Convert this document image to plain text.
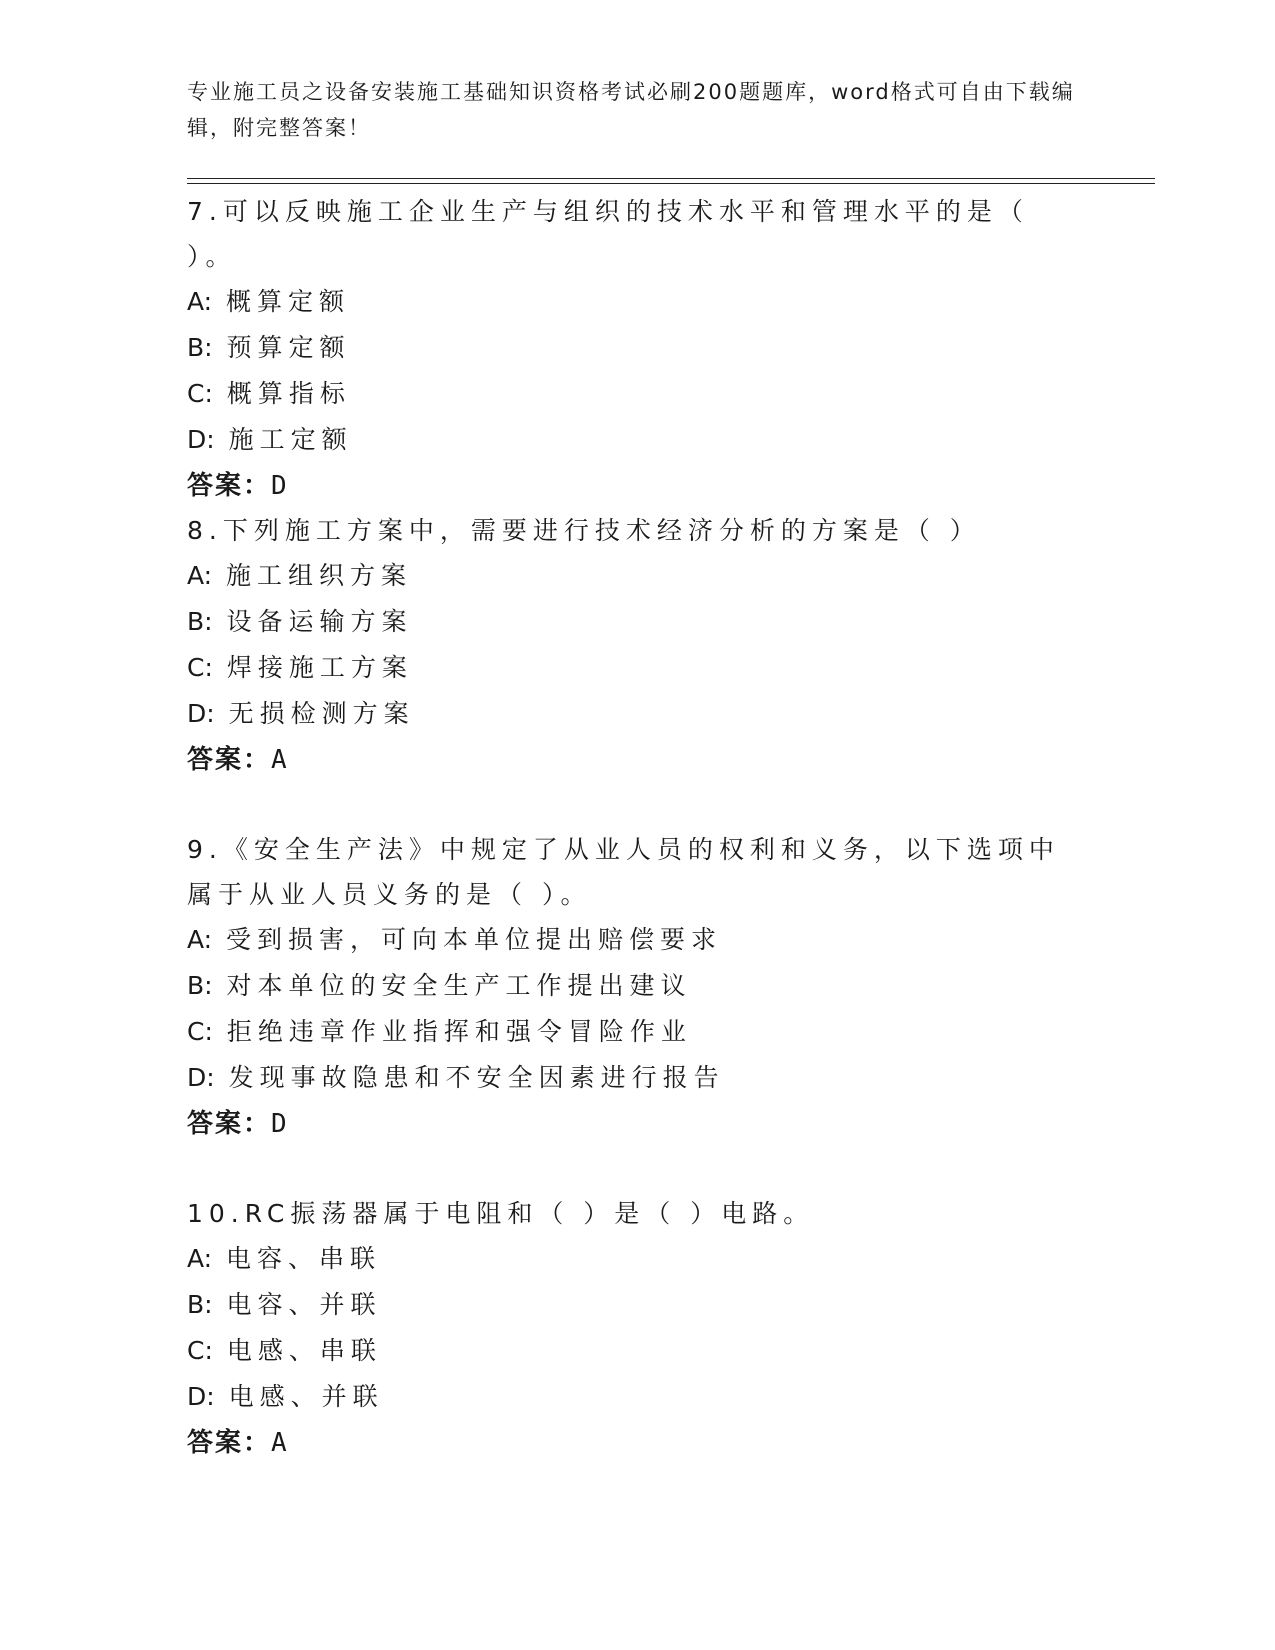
专业施工员之设备安装施工基础知识资格考试必刷200题题库，word格式可自由下载编辑，附完整答案！
7.可以反映施工企业生产与组织的技术水平和管理水平的是（ ）。
A: 概算定额
B: 预算定额
C: 概算指标
D: 施工定额
答案：D
8.下列施工方案中，需要进行技术经济分析的方案是（ ）
A: 施工组织方案
B: 设备运输方案
C: 焊接施工方案
D: 无损检测方案
答案：A
9.《安全生产法》中规定了从业人员的权利和义务，以下选项中属于从业人员义务的是（ ）。
A: 受到损害，可向本单位提出赔偿要求
B: 对本单位的安全生产工作提出建议
C: 拒绝违章作业指挥和强令冒险作业
D: 发现事故隐患和不安全因素进行报告
答案：D
10.RC振荡器属于电阻和（ ）是（ ）电路。
A: 电容、串联
B: 电容、并联
C: 电感、串联
D: 电感、并联
答案：A
